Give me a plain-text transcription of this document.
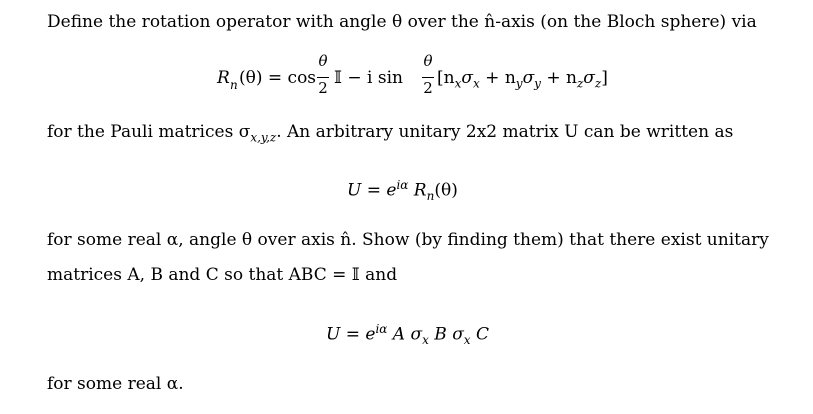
Define the rotation operator with angle θ over the n̂-axis (on the Bloch sphere) via
R n (θ) = cos
θ
2 𝕀 − i sin
θ
2 $[n_x\sigma_x + n_y\sigma_y + n_z\sigma_z]$
for the Pauli matrices $\sigma_{x,y,z}$. An arbitrary unitary 2x2 matrix U can be written as
$U = e^{i\alpha}$ $R_n(\theta)$
for some real α, angle θ over axis n̂. Show (by finding them) that there exist unitary
matrices A, B and C so that ABC = 𝕀 and
$U = e^{i\alpha}$ A $\sigma_x$ B $\sigma_x$ C
for some real α.
